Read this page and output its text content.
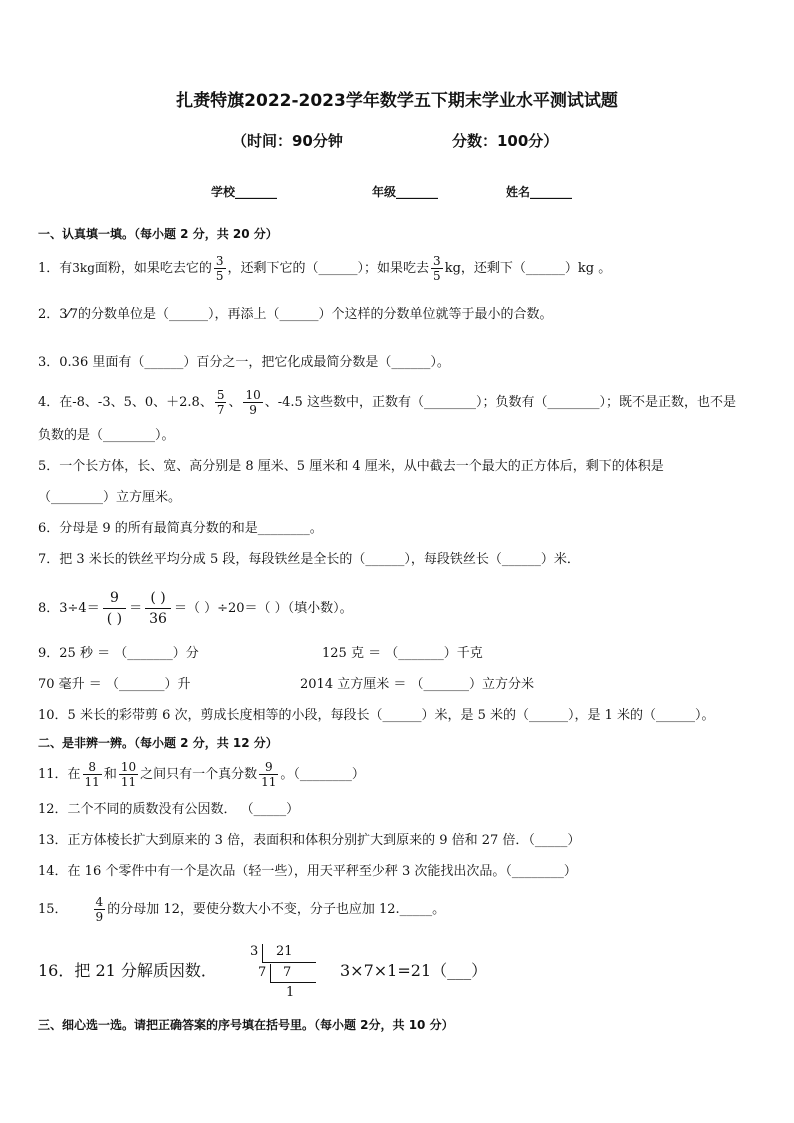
扎赉特旗2022-2023学年数学五下期末学业水平测试试题
（时间：90分钟	分数：100分）
学校_______	年级_______	姓名_______
一、认真填一填。（每小题 2 分，共 20 分）
1．有3kg面粉，如果吃去它的 $\frac{3}{5}$ ，还剩下它的（______）；如果吃去 $\frac{3}{5}$ kg，还剩下（______）kg 。
2．3⁄7的分数单位是（______），再添上（______）个这样的分数单位就等于最小的合数。
3．0.36 里面有（______）百分之一，把它化成最简分数是（______）。
4．在-8、-3、5、0、＋2.8、 $\frac{5}{7}$ 、 $\frac{10}{9}$ 、-4.5 这些数中，正数有（________）；负数有（________）；既不是正数，也不是
负数的是（________）。
5．一个长方体，长、宽、高分别是 8 厘米、5 厘米和 4 厘米，从中截去一个最大的正方体后，剩下的体积是
（________）立方厘米。
6．分母是 9 的所有最简真分数的和是________。
7．把 3 米长的铁丝平均分成 5 段，每段铁丝是全长的（______），每段铁丝长（______）米．
8．3÷4＝
9
( )
＝
( )
36
＝（ ）÷20＝（ ）（填小数）。
9．25 秒 ＝ （_______）分	125 克 ＝ （_______）千克
70 毫升 ＝ （_______）升	2014 立方厘米 ＝ （_______）立方分米
10．5 米长的彩带剪 6 次，剪成长度相等的小段，每段长（______）米，是 5 米的（______），是 1 米的（______）。
二、是非辨一辨。（每小题 2 分，共 12 分）
11．在 $\frac{8}{11}$ 和 $\frac{10}{11}$ 之间只有一个真分数 $\frac{9}{11}$ 。（________）
12．二个不同的质数没有公因数． （_____）
13．正方体棱长扩大到原来的 3 倍，表面积和体积分别扩大到原来的 9 倍和 27 倍．（_____）
14．在 16 个零件中有一个是次品（轻一些），用天平秤至少秤 3 次能找出次品。（________）
15． $\frac{4}{9}$ 的分母加 12，要使分数大小不变，分子也应加 12._____。
16．把 21 分解质因数．	3×7×1=21（___）
3 21
7 7
1
三、细心选一选。请把正确答案的序号填在括号里。（每小题 2分，共 10 分）
